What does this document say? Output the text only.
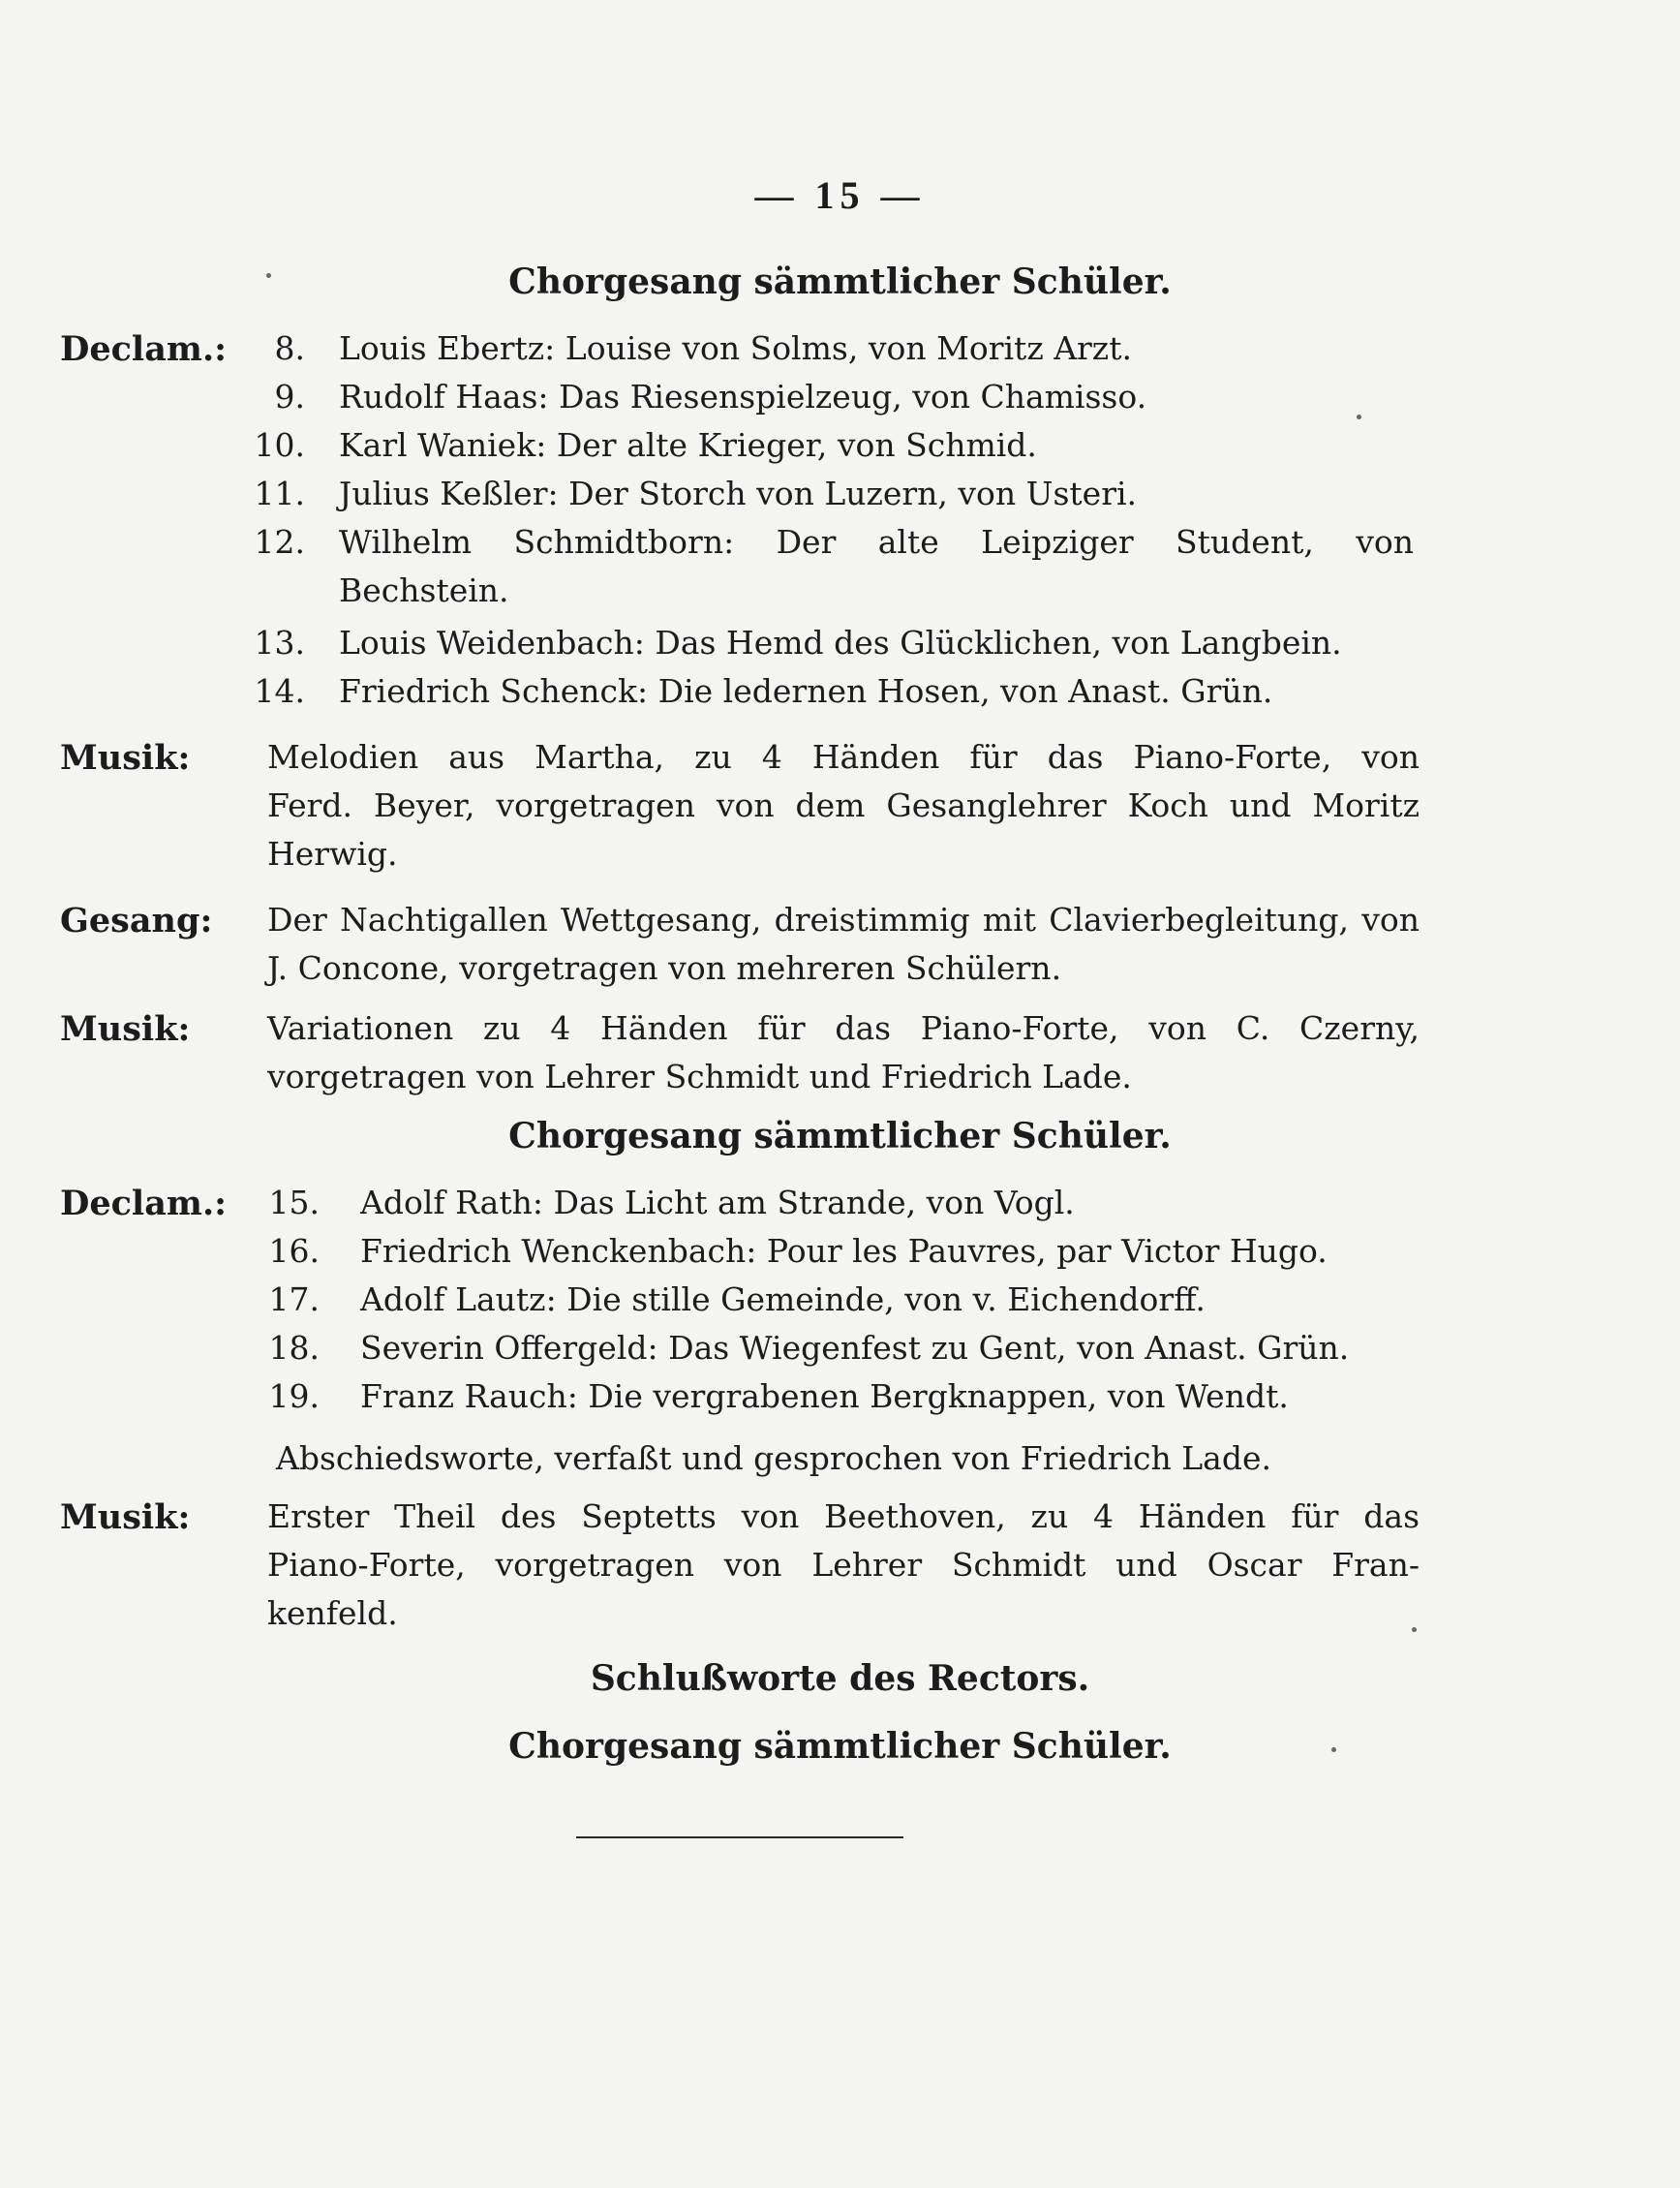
— 15 —
Chorgesang sämmtlicher Schüler.
Declam.:	8. Louis Ebertz: Louise von Solms, von Moritz Arzt.
9. Rudolf Haas: Das Riesenspielzeug, von Chamisso.
10. Karl Waniek: Der alte Krieger, von Schmid.
11. Julius Keßler: Der Storch von Luzern, von Usteri.
12. Wilhelm Schmidtborn: Der alte Leipziger Student, von
Bechstein.
13. Louis Weidenbach: Das Hemd des Glücklichen, von Langbein.
14. Friedrich Schenck: Die ledernen Hosen, von Anast. Grün.
Musik: Melodien aus Martha, zu 4 Händen für das Piano-Forte, von
Ferd. Beyer, vorgetragen von dem Gesanglehrer Koch und Moritz
Herwig.
Gesang: Der Nachtigallen Wettgesang, dreistimmig mit Clavierbegleitung, von
J. Concone, vorgetragen von mehreren Schülern.
Musik: Variationen zu 4 Händen für das Piano-Forte, von C. Czerny,
vorgetragen von Lehrer Schmidt und Friedrich Lade.
Chorgesang sämmtlicher Schüler.
Declam.: 15. Adolf Rath: Das Licht am Strande, von Vogl.
16. Friedrich Wenckenbach: Pour les Pauvres, par Victor Hugo.
17. Adolf Lautz: Die stille Gemeinde, von v. Eichendorff.
18. Severin Offergeld: Das Wiegenfest zu Gent, von Anast. Grün.
19. Franz Rauch: Die vergrabenen Bergknappen, von Wendt.
Abschiedsworte, verfaßt und gesprochen von Friedrich Lade.
Musik: Erster Theil des Septetts von Beethoven, zu 4 Händen für das
Piano-Forte, vorgetragen von Lehrer Schmidt und Oscar Fran-
kenfeld.
Schlußworte des Rectors.
Chorgesang sämmtlicher Schüler.
